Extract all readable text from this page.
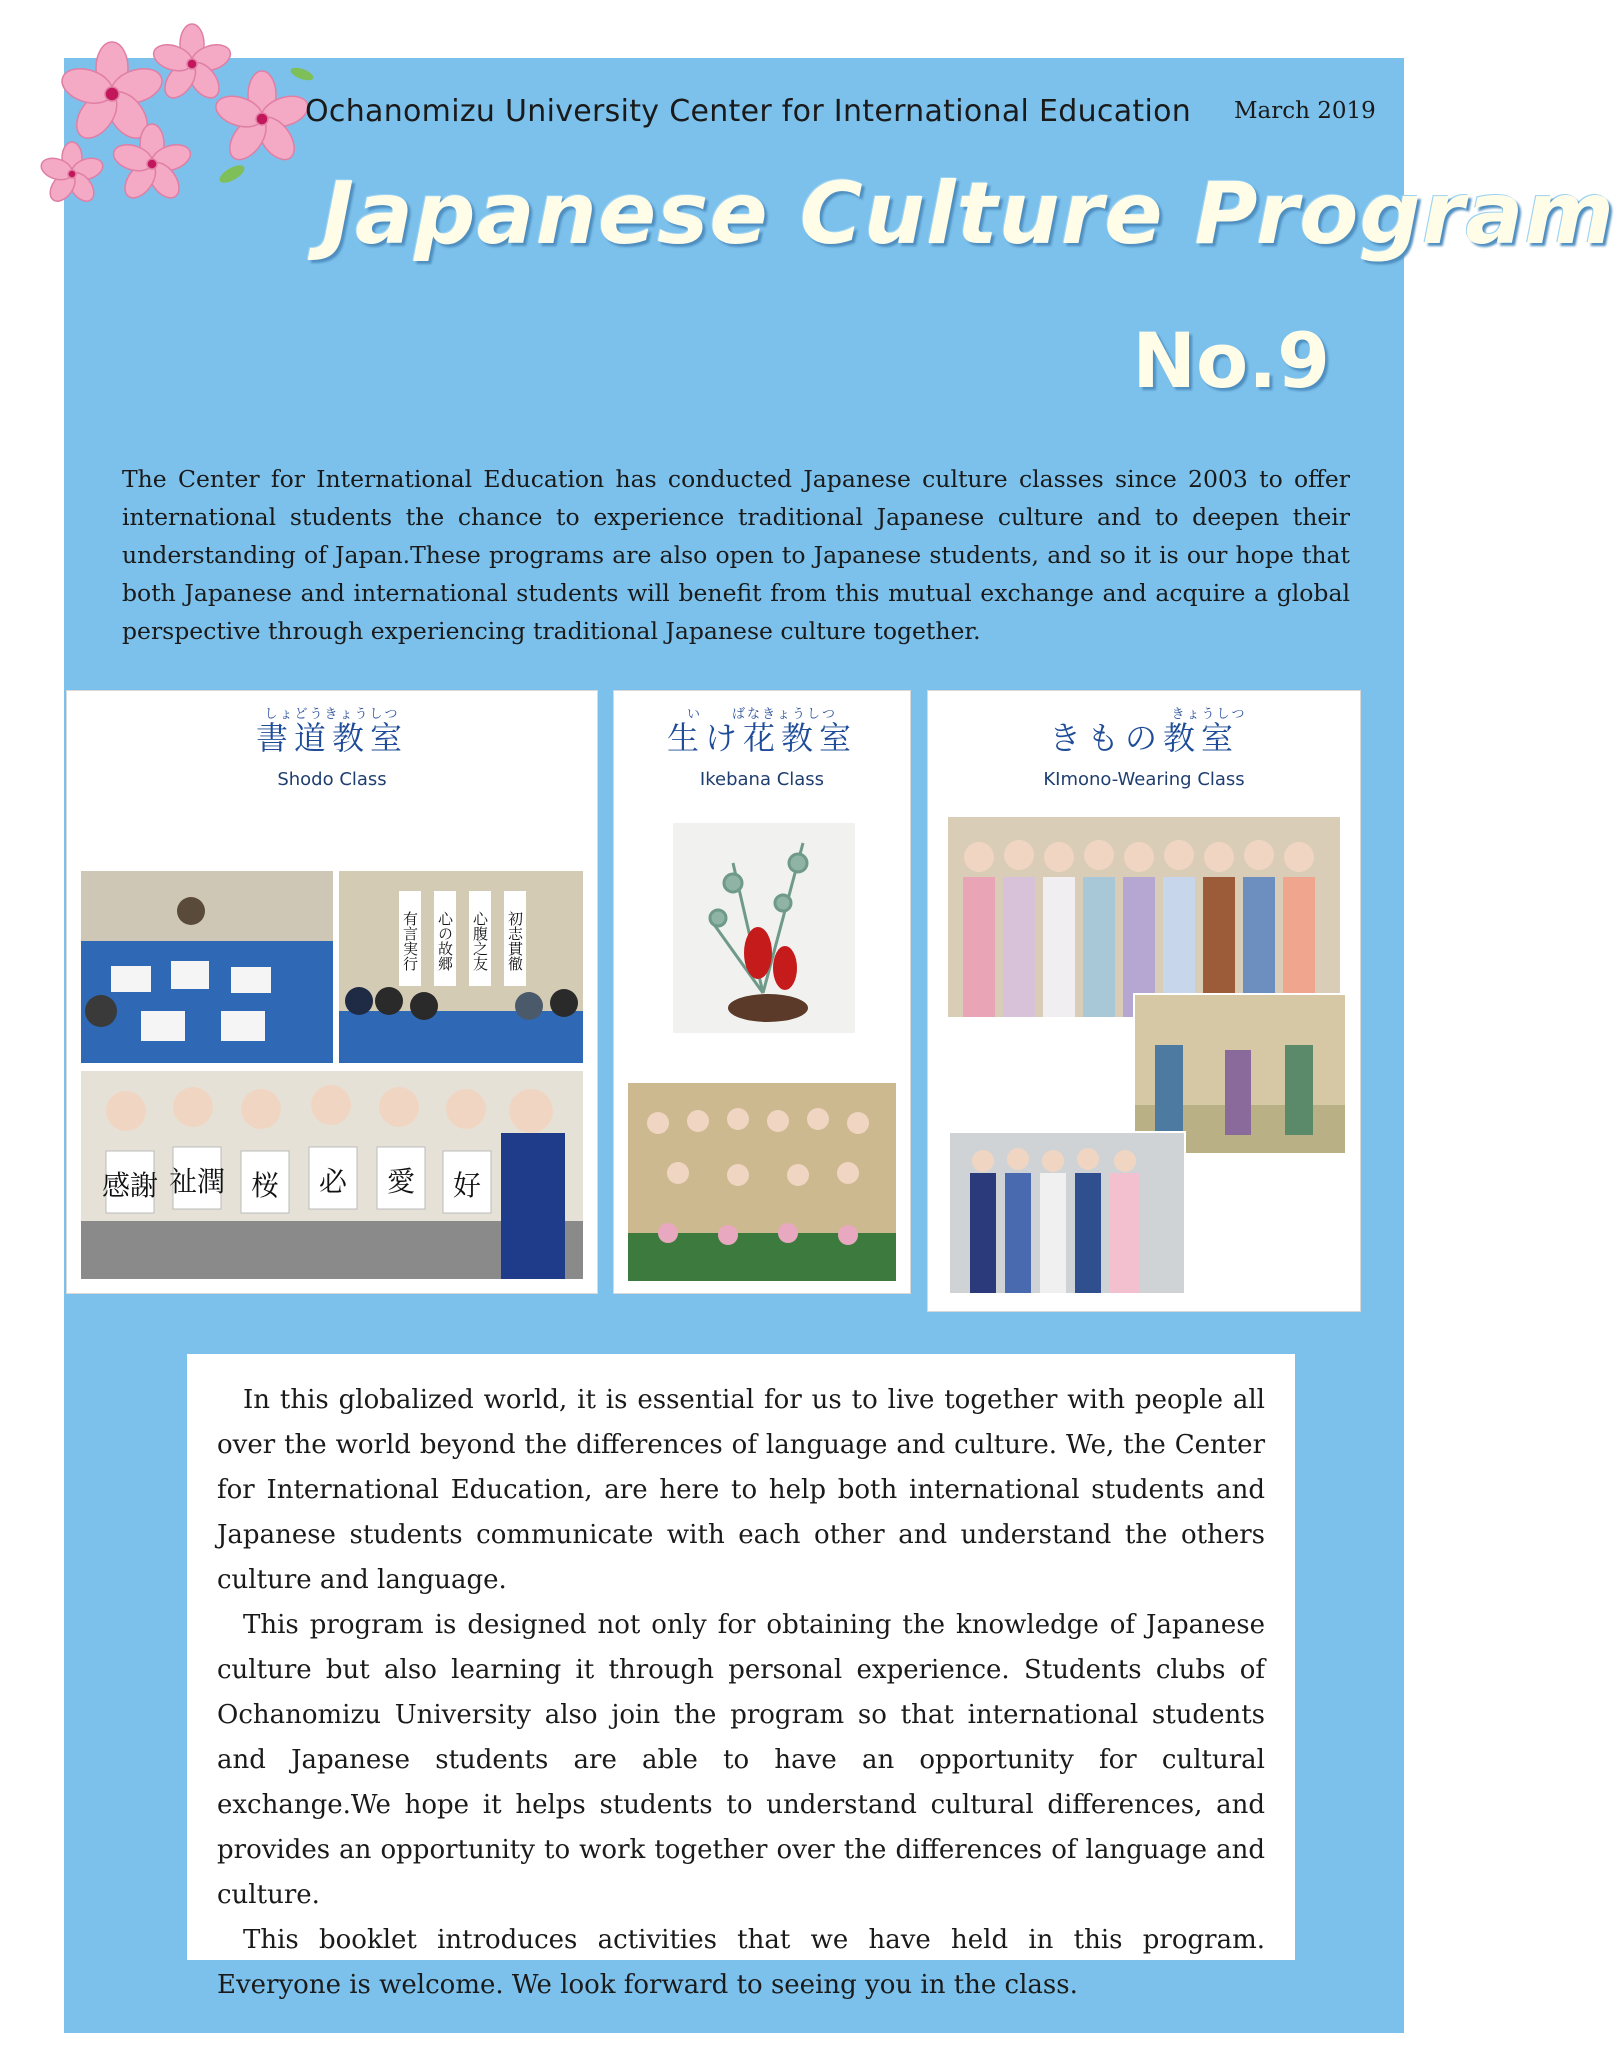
Ochanomizu University Center for International Education March 2019
Japanese Culture Program
No.9
The Center for International Education has conducted Japanese culture classes since 2003 to offer international students the chance to experience traditional Japanese culture and to deepen their understanding of Japan.These programs are also open to Japanese students, and so it is our hope that both Japanese and international students will benefit from this mutual exchange and acquire a global perspective through experiencing traditional Japanese culture together.
しょどうきょうしつ
書道教室
Shodo Class
有言実行 心の故郷 心腹之友 初志貫徹
感謝 祉潤 桜 必 愛 好
い　　ばなきょうしつ
生け花教室
Ikebana Class
きょうしつ
きもの教室
KImono-Wearing Class

In this globalized world, it is essential for us to live together with people all over the world beyond the differences of language and culture. We, the Center for International Education, are here to help both international students and Japanese students communicate with each other and understand the others culture and language.

This program is designed not only for obtaining the knowledge of Japanese culture but also learning it through personal experience. Students clubs of Ochanomizu University also join the program so that international students and Japanese students are able to have an opportunity for cultural exchange.We hope it helps students to understand cultural differences, and provides an opportunity to work together over the differences of language and culture.

This booklet introduces activities that we have held in this program. Everyone is welcome. We look forward to seeing you in the class.
